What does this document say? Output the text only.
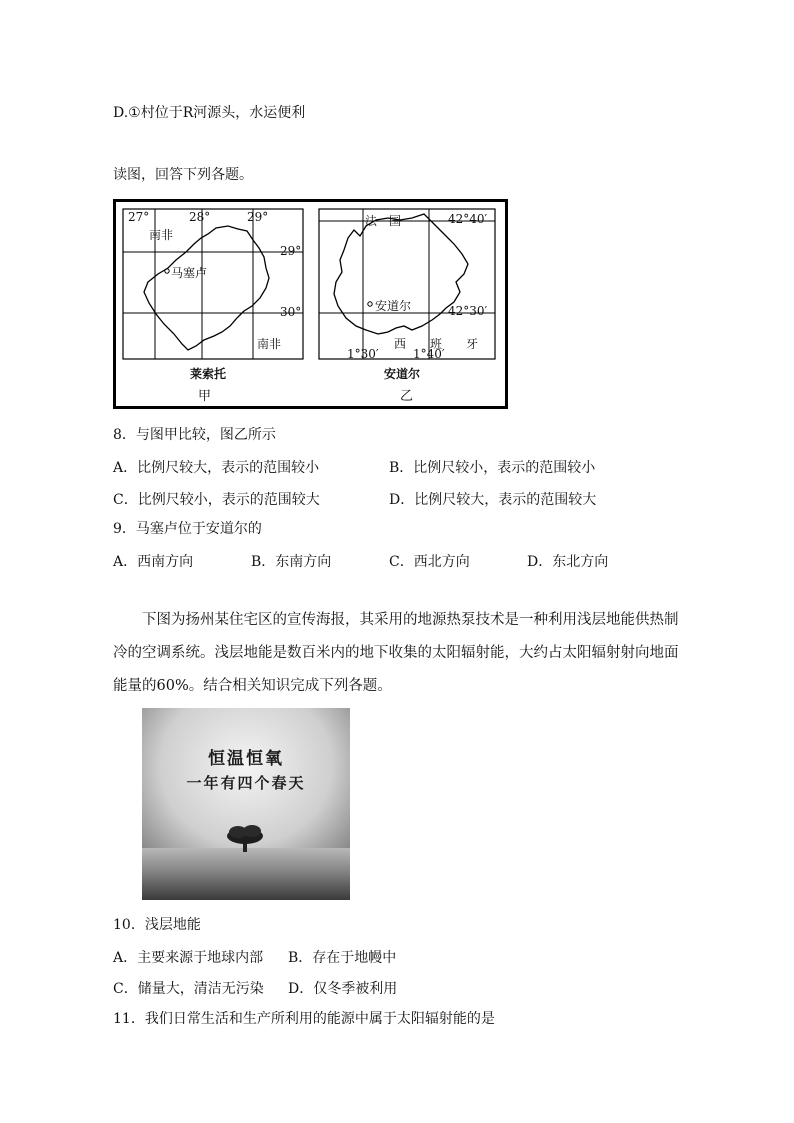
D.①村位于R河源头，水运便利
读图，回答下列各题。
27°	28°	29°
29°
30°
南非
南非
马塞卢
莱索托
甲
法　国	42°40′
42°30′
安道尔
西　　班　　牙
1°30′	1°40′
安道尔
乙
8．与图甲比较，图乙所示
A．比例尺较大，表示的范围较小	B．比例尺较小，表示的范围较小
C．比例尺较小，表示的范围较大	D．比例尺较大，表示的范围较大
9．马塞卢位于安道尔的
A．西南方向	B．东南方向	C．西北方向	D．东北方向
下图为扬州某住宅区的宣传海报，其采用的地源热泵技术是一种利用浅层地能供热制冷的空调系统。浅层地能是数百米内的地下收集的太阳辐射能，大约占太阳辐射射向地面能量的60%。结合相关知识完成下列各题。
恒温恒氧
一年有四个春天
10．浅层地能
A．主要来源于地球内部 B．存在于地幔中
C．储量大，清洁无污染 D．仅冬季被利用
11．我们日常生活和生产所利用的能源中属于太阳辐射能的是
